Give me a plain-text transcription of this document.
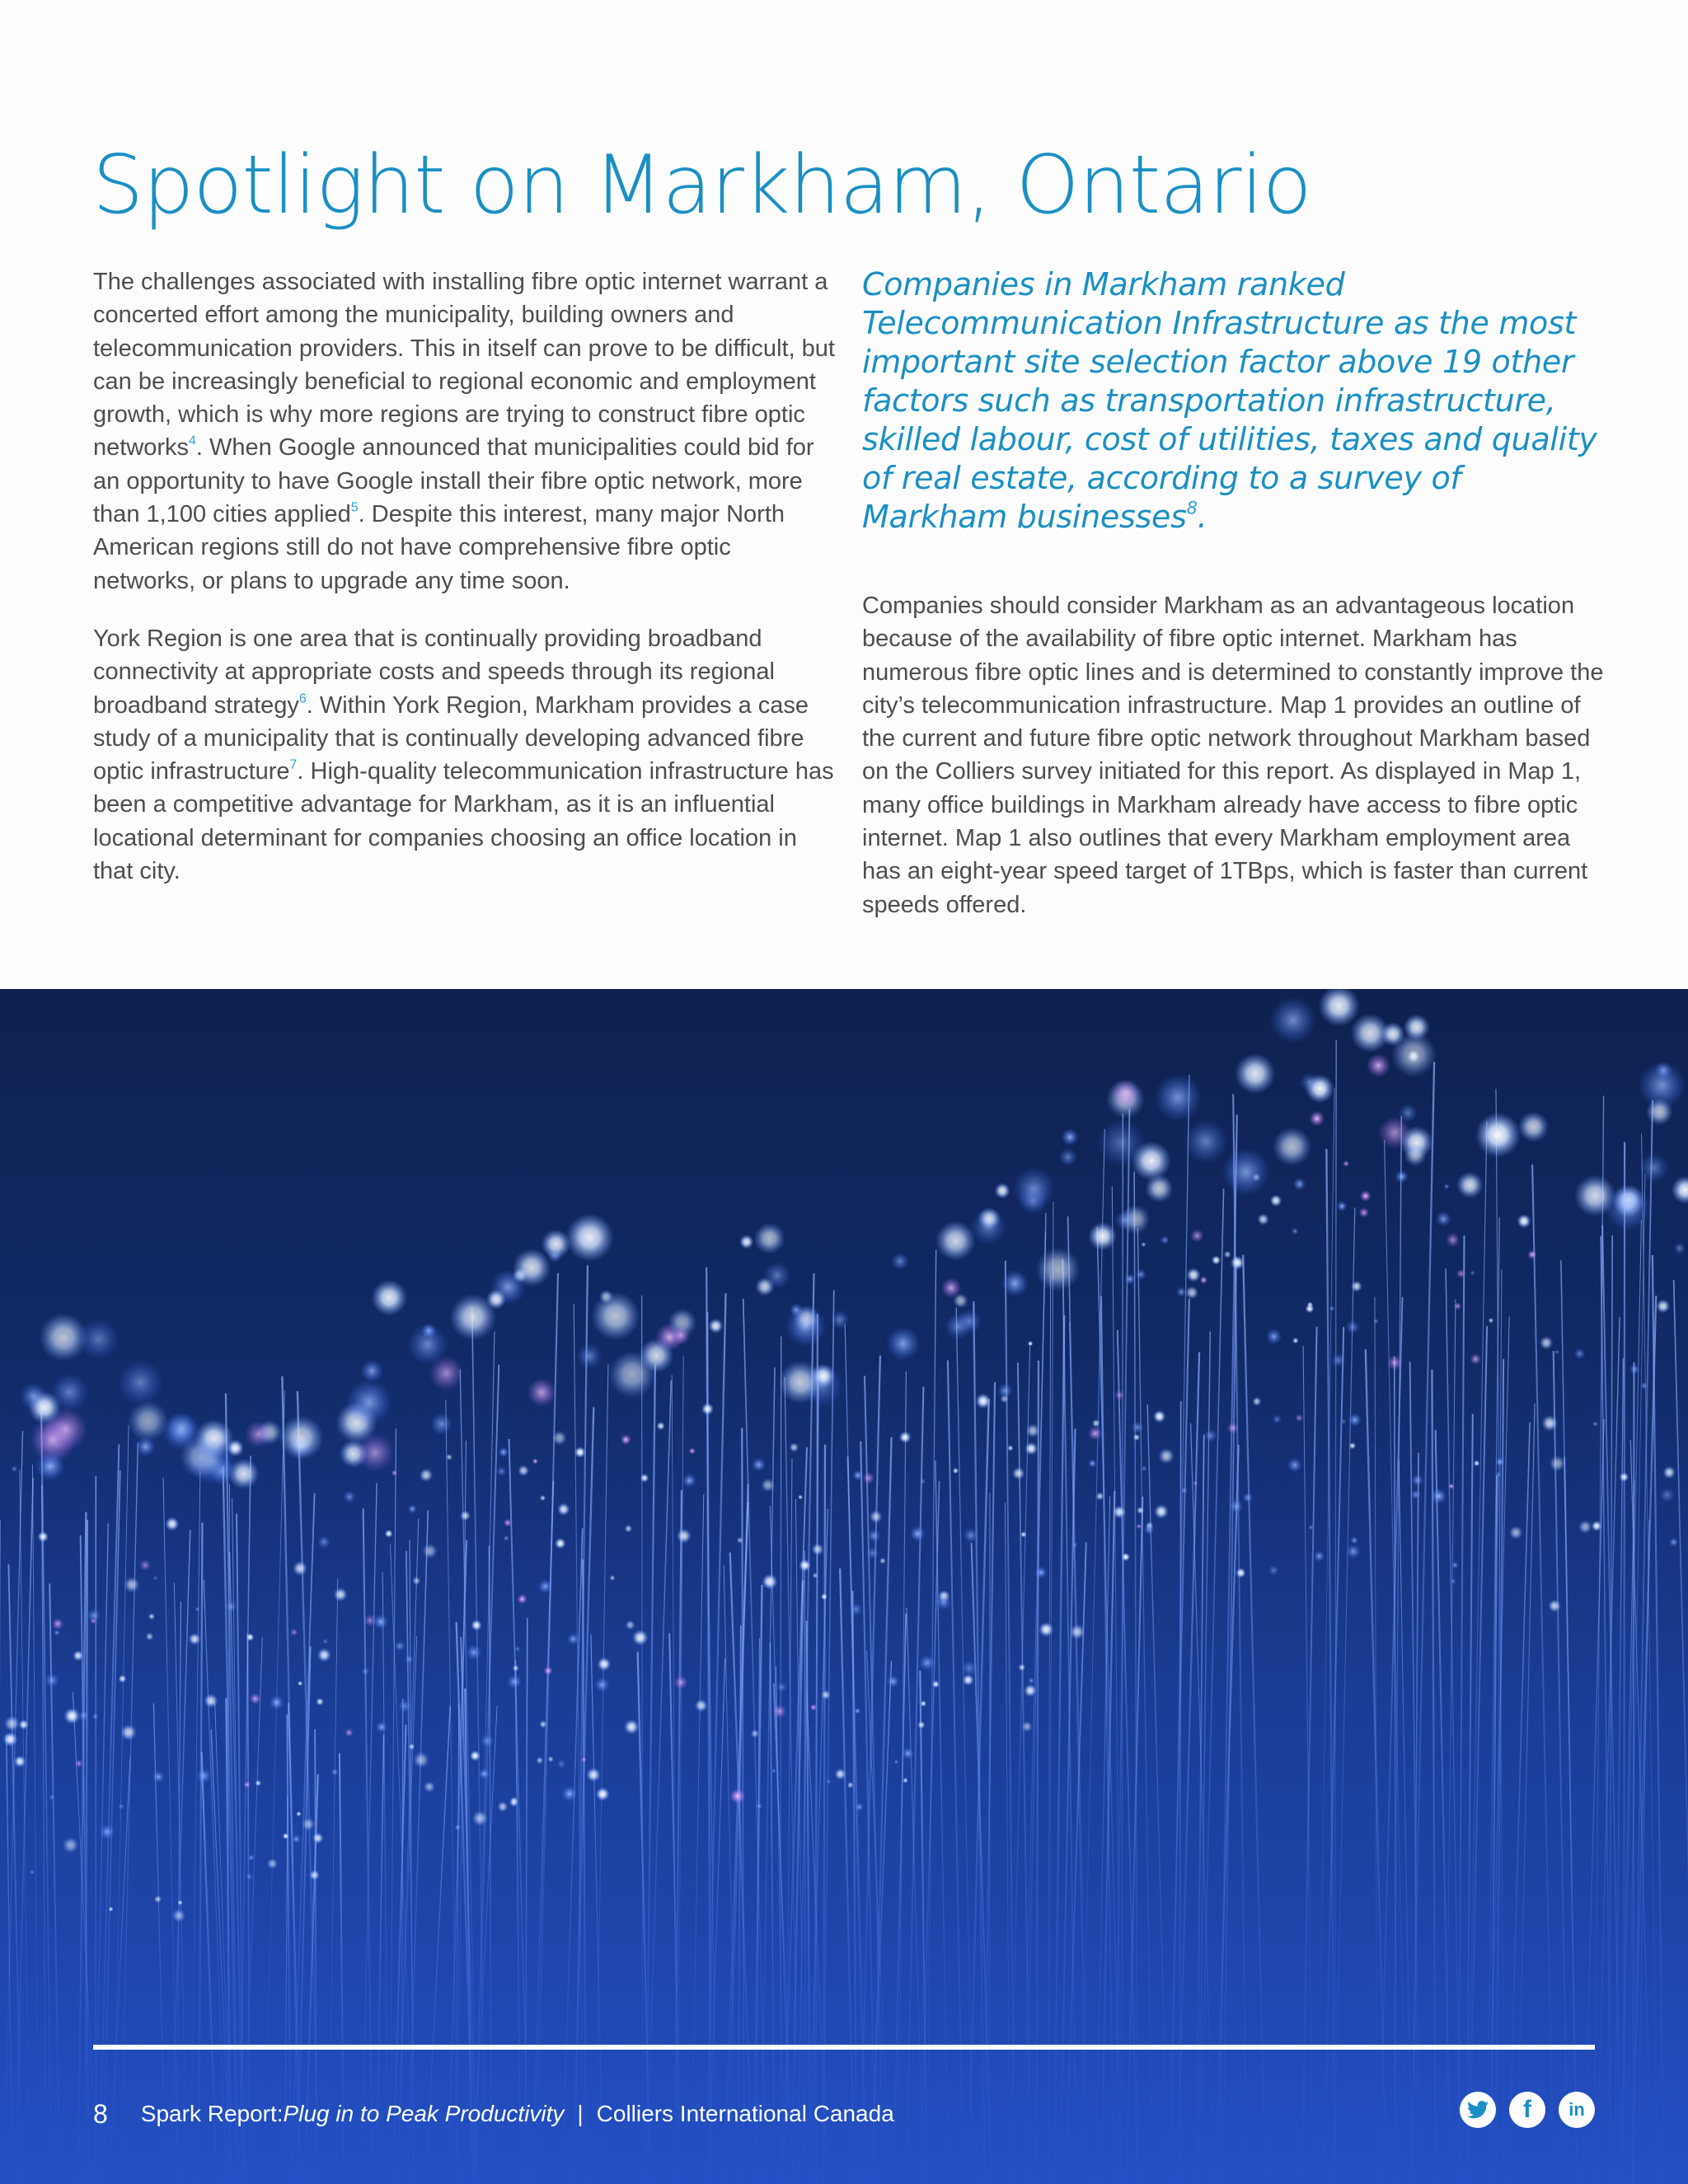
Spotlight on Markham, Ontario

The challenges associated with installing fibre optic internet warrant a concerted effort among the municipality, building owners and telecommunication providers. This in itself can prove to be difficult, but can be increasingly beneficial to regional economic and employment growth, which is why more regions are trying to construct fibre optic networks$^4$. When Google announced that municipalities could bid for an opportunity to have Google install their fibre optic network, more than 1,100 cities applied$^5$. Despite this interest, many major North American regions still do not have comprehensive fibre optic networks, or plans to upgrade any time soon.

York Region is one area that is continually providing broadband connectivity at appropriate costs and speeds through its regional broadband strategy$^6$. Within York Region, Markham provides a case study of a municipality that is continually developing advanced fibre optic infrastructure$^7$. High-quality telecommunication infrastructure has been a competitive advantage for Markham, as it is an influential locational determinant for companies choosing an office location in that city.

Companies in Markham ranked Telecommunication Infrastructure as the most important site selection factor above 19 other factors such as transportation infrastructure, skilled labour, cost of utilities, taxes and quality of real estate, according to a survey of Markham businesses$^8$.

Companies should consider Markham as an advantageous location because of the availability of fibre optic internet. Markham has numerous fibre optic lines and is determined to constantly improve the city’s telecommunication infrastructure. Map 1 provides an outline of the current and future fibre optic network throughout Markham based on the Colliers survey initiated for this report. As displayed in Map 1, many office buildings in Markham already have access to fibre optic internet. Map 1 also outlines that every Markham employment area has an eight-year speed target of 1TBps, which is faster than current speeds offered.

8 Spark Report: Plug in to Peak Productivity | Colliers International Canada	f	in
